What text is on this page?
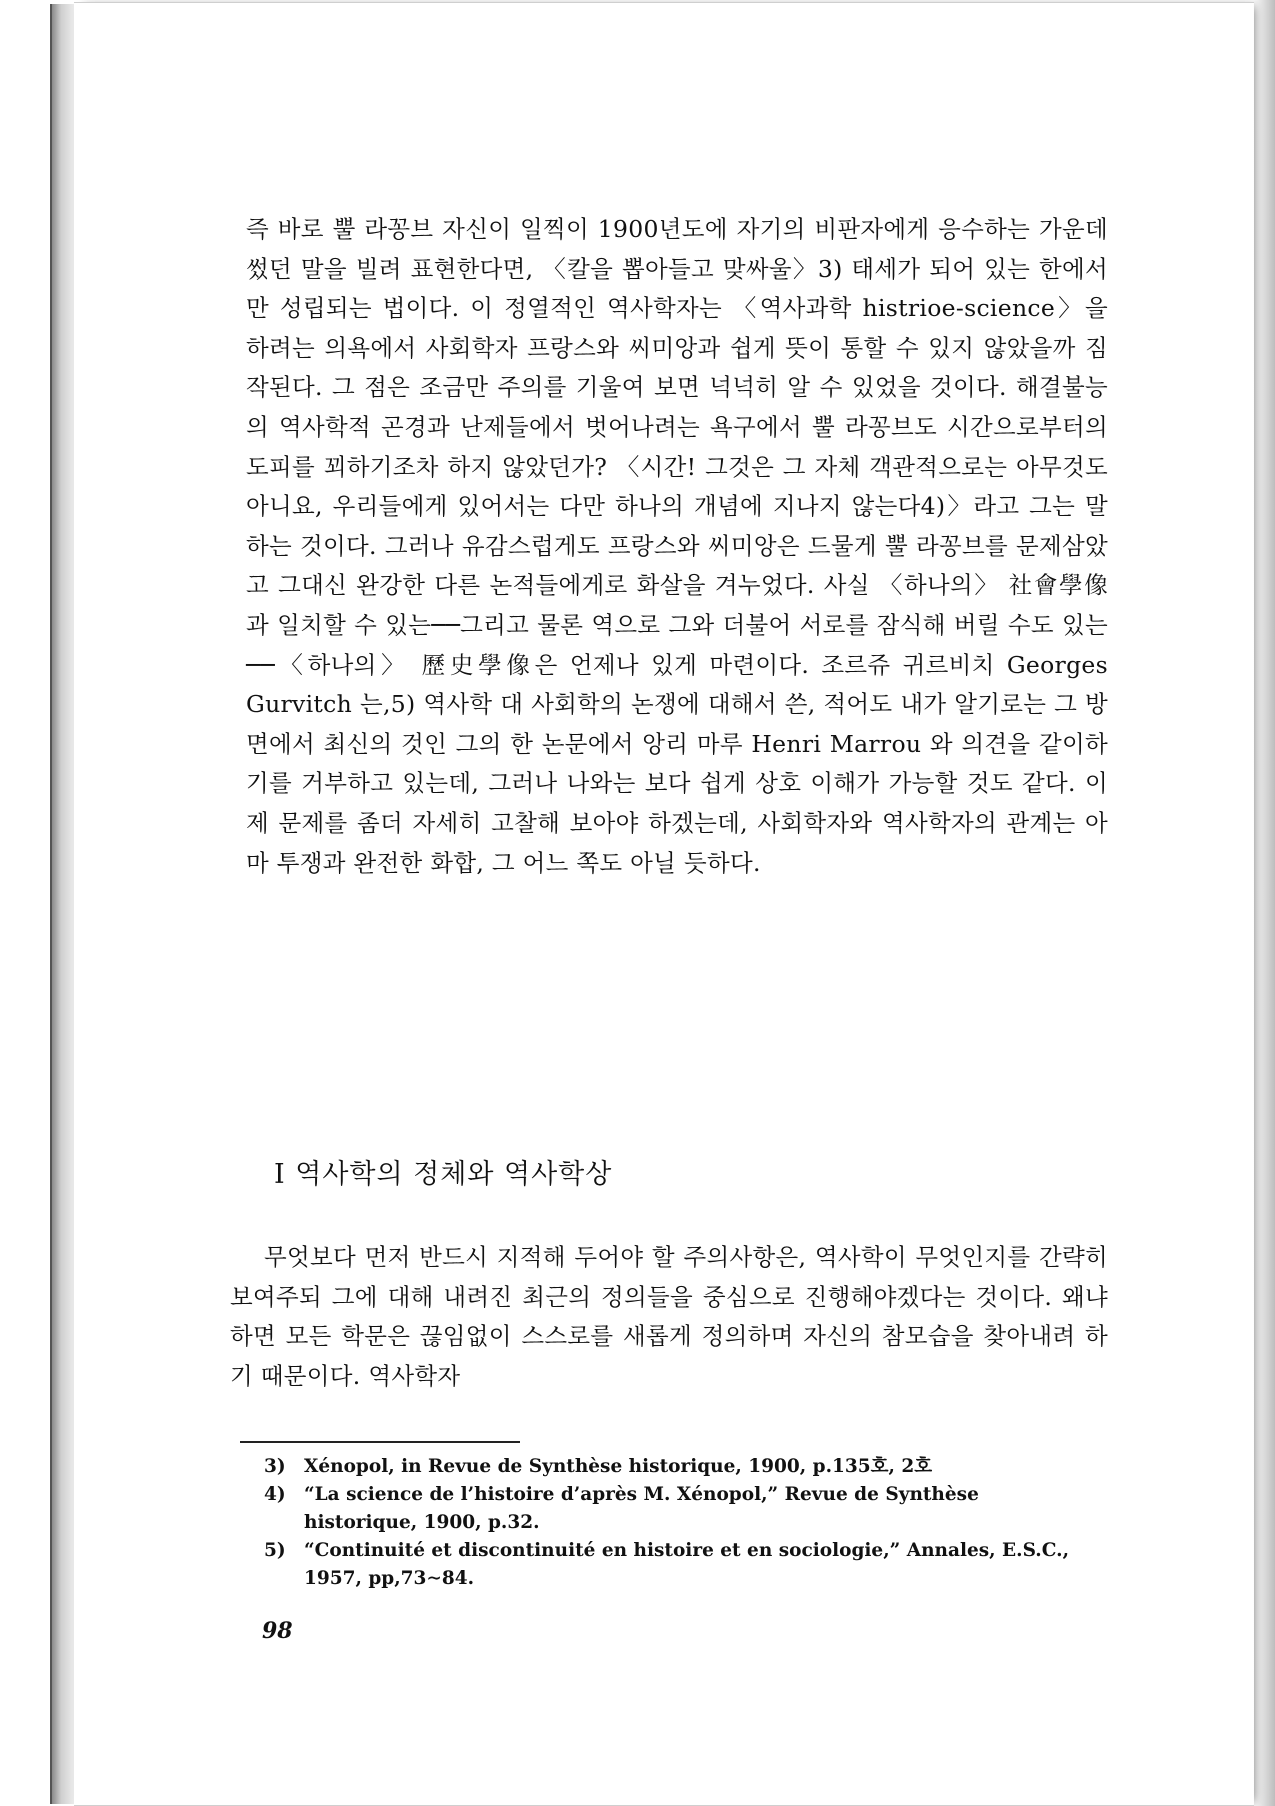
즉 바로 뿔 라꽁브 자신이 일찍이 1900년도에 자기의 비판자에게 응수하는 가운데 썼던 말을 빌려 표현한다면, 〈칼을 뽑아들고 맞싸울〉3) 태세가 되어 있는 한에서만 성립되는 법이다. 이 정열적인 역사학자는 〈역사과학 histrioe-science〉을 하려는 의욕에서 사회학자 프랑스와 씨미앙과 쉽게 뜻이 통할 수 있지 않았을까 짐작된다. 그 점은 조금만 주의를 기울여 보면 넉넉히 알 수 있었을 것이다. 해결불능의 역사학적 곤경과 난제들에서 벗어나려는 욕구에서 뿔 라꽁브도 시간으로부터의 도피를 꾀하기조차 하지 않았던가? 〈시간! 그것은 그 자체 객관적으로는 아무것도 아니요, 우리들에게 있어서는 다만 하나의 개념에 지나지 않는다4)〉라고 그는 말하는 것이다. 그러나 유감스럽게도 프랑스와 씨미앙은 드물게 뿔 라꽁브를 문제삼았고 그대신 완강한 다른 논적들에게로 화살을 겨누었다. 사실 〈하나의〉 社會學像과 일치할 수 있는──그리고 물론 역으로 그와 더불어 서로를 잠식해 버릴 수도 있는──〈하나의〉 歷史學像은 언제나 있게 마련이다. 조르쥬 귀르비치 Georges Gurvitch 는,5) 역사학 대 사회학의 논쟁에 대해서 쓴, 적어도 내가 알기로는 그 방면에서 최신의 것인 그의 한 논문에서 앙리 마루 Henri Marrou 와 의견을 같이하기를 거부하고 있는데, 그러나 나와는 보다 쉽게 상호 이해가 가능할 것도 같다. 이제 문제를 좀더 자세히 고찰해 보아야 하겠는데, 사회학자와 역사학자의 관계는 아마 투쟁과 완전한 화합, 그 어느 쪽도 아닐 듯하다.

I 역사학의 정체와 역사학상

무엇보다 먼저 반드시 지적해 두어야 할 주의사항은, 역사학이 무엇인지를 간략히 보여주되 그에 대해 내려진 최근의 정의들을 중심으로 진행해야겠다는 것이다. 왜냐하면 모든 학문은 끊임없이 스스로를 새롭게 정의하며 자신의 참모습을 찾아내려 하기 때문이다. 역사학자

3) Xénopol, in Revue de Synthèse historique, 1900, p.135호, 2호
4) “La science de l’histoire d’après M. Xénopol,” Revue de Synthèse historique, 1900, p.32.
5) “Continuité et discontinuité en histoire et en sociologie,” Annales, E.S.C., 1957, pp,73∼84.
98
